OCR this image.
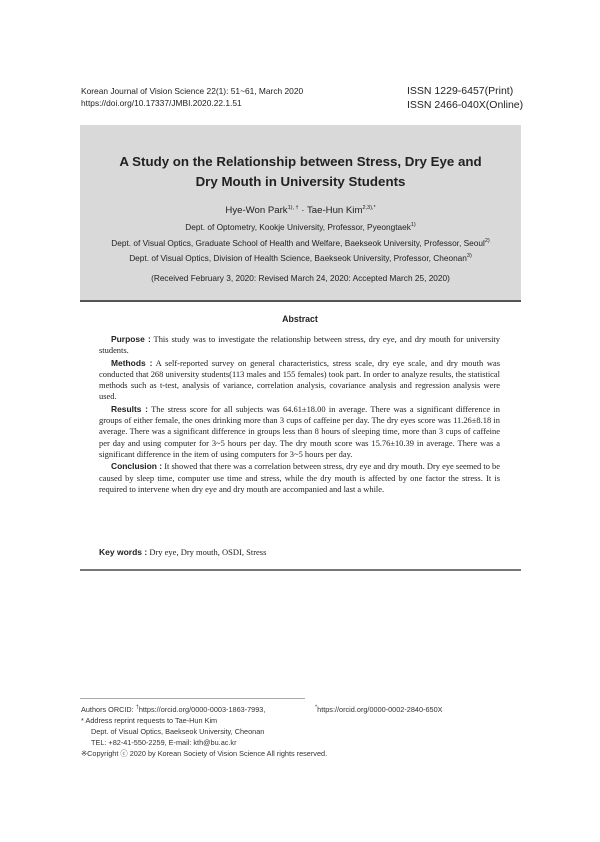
Korean Journal of Vision Science 22(1): 51~61, March 2020
https://doi.org/10.17337/JMBI.2020.22.1.51
ISSN 1229-6457(Print)
ISSN 2466-040X(Online)
A Study on the Relationship between Stress, Dry Eye and
Dry Mouth in University Students
Hye-Won Park$^{1), \dagger}$ · Tae-Hun Kim$^{2,3),*}$
Dept. of Optometry, Kookje University, Professor, Pyeongtaek$^{1)}$
Dept. of Visual Optics, Graduate School of Health and Welfare, Baekseok University, Professor, Seoul$^{2)}$
Dept. of Visual Optics, Division of Health Science, Baekseok University, Professor, Cheonan$^{3)}$
(Received February 3, 2020: Revised March 24, 2020: Accepted March 25, 2020)
Abstract

Purpose : This study was to investigate the relationship between stress, dry eye, and dry mouth for university students.

Methods : A self-reported survey on general characteristics, stress scale, dry eye scale, and dry mouth was conducted that 268 university students(113 males and 155 females) took part. In order to analyze results, the statistical methods such as t-test, analysis of variance, correlation analysis, covariance analysis and regression analysis were used.

Results : The stress score for all subjects was 64.61±18.00 in average. There was a significant difference in groups of either female, the ones drinking more than 3 cups of caffeine per day. The dry eyes score was 11.26±8.18 in average. There was a significant difference in groups less than 8 hours of sleeping time, more than 3 cups of caffeine per day and using computer for 3~5 hours per day. The dry mouth score was 15.76±10.39 in average. There was a significant difference in the item of using computers for 3~5 hours per day.

Conclusion : It showed that there was a correlation between stress, dry eye and dry mouth. Dry eye seemed to be caused by sleep time, computer use time and stress, while the dry mouth is affected by one factor the stress. It is required to intervene when dry eye and dry mouth are accompanied and last a while.

Key words : Dry eye, Dry mouth, OSDI, Stress
Authors ORCID: †https://orcid.org/0000-0003-1863-7993,
* Address reprint requests to Tae-Hun Kim
Dept. of Visual Optics, Baekseok University, Cheonan
TEL: +82-41-550-2259, E-mail: kth@bu.ac.kr
※Copyright ⓒ 2020 by Korean Society of Vision Science All rights reserved.
*https://orcid.org/0000-0002-2840-650X
